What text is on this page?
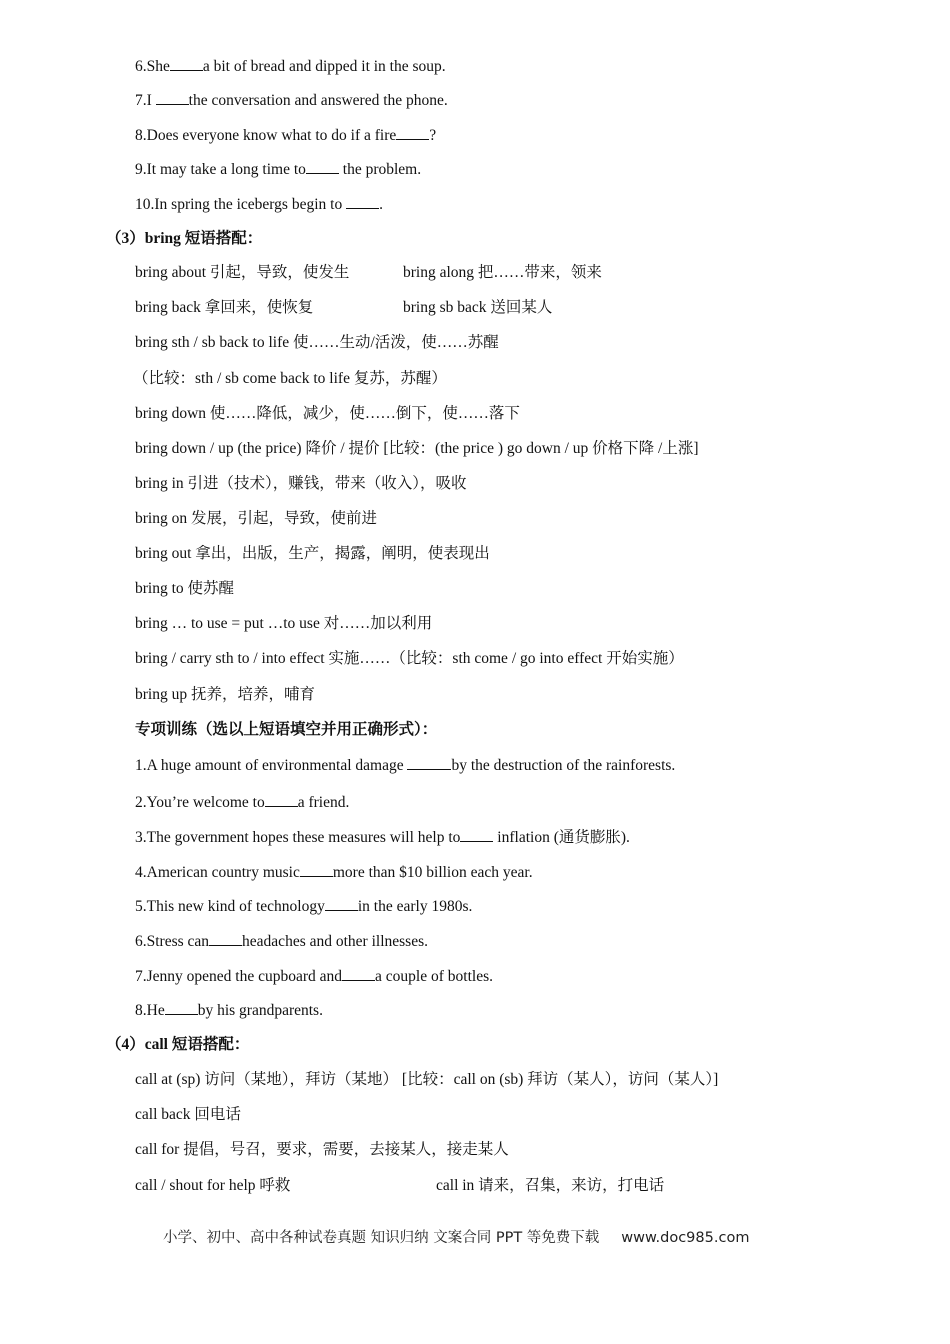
6.She a bit of bread and dipped it in the soup.
7.I the conversation and answered the phone.
8.Does everyone know what to do if a fire ?
9.It may take a long time to the problem.
10.In spring the icebergs begin to .
（3）bring 短语搭配：
bring about 引起，导致，使发生	bring along 把……带来，领来
bring back 拿回来，使恢复	bring sb back 送回某人
bring sth / sb back to life 使……生动/活泼，使……苏醒
（比较：sth / sb come back to life 复苏，苏醒）
bring down 使……降低，减少，使……倒下，使……落下
bring down / up (the price) 降价 / 提价 [比较：(the price ) go down / up 价格下降 /上涨]
bring in 引进（技术），赚钱，带来（收入），吸收
bring on 发展，引起，导致，使前进
bring out 拿出，出版，生产，揭露，阐明，使表现出
bring to 使苏醒
bring … to use = put …to use 对……加以利用
bring / carry sth to / into effect 实施……（比较：sth come / go into effect 开始实施）
bring up 抚养，培养，哺育
专项训练（选以上短语填空并用正确形式）：
1.A huge amount of environmental damage	by the destruction of the rainforests.
2.You’re welcome to a friend.
3.The government hopes these measures will help to inflation (通货膨胀).
4.American country music more than $10 billion each year.
5.This new kind of technology in the early 1980s.
6.Stress can headaches and other illnesses.
7.Jenny opened the cupboard and a couple of bottles.
8.He by his grandparents.
（4）call 短语搭配：
call at (sp) 访问（某地），拜访（某地） [比较：call on (sb) 拜访（某人），访问（某人）]
call back 回电话
call for 提倡，号召，要求，需要，去接某人，接走某人
call / shout for help 呼救	call in 请来，召集，来访，打电话
小学、初中、高中各种试卷真题 知识归纳 文案合同 PPT 等免费下载 www.doc985.com
